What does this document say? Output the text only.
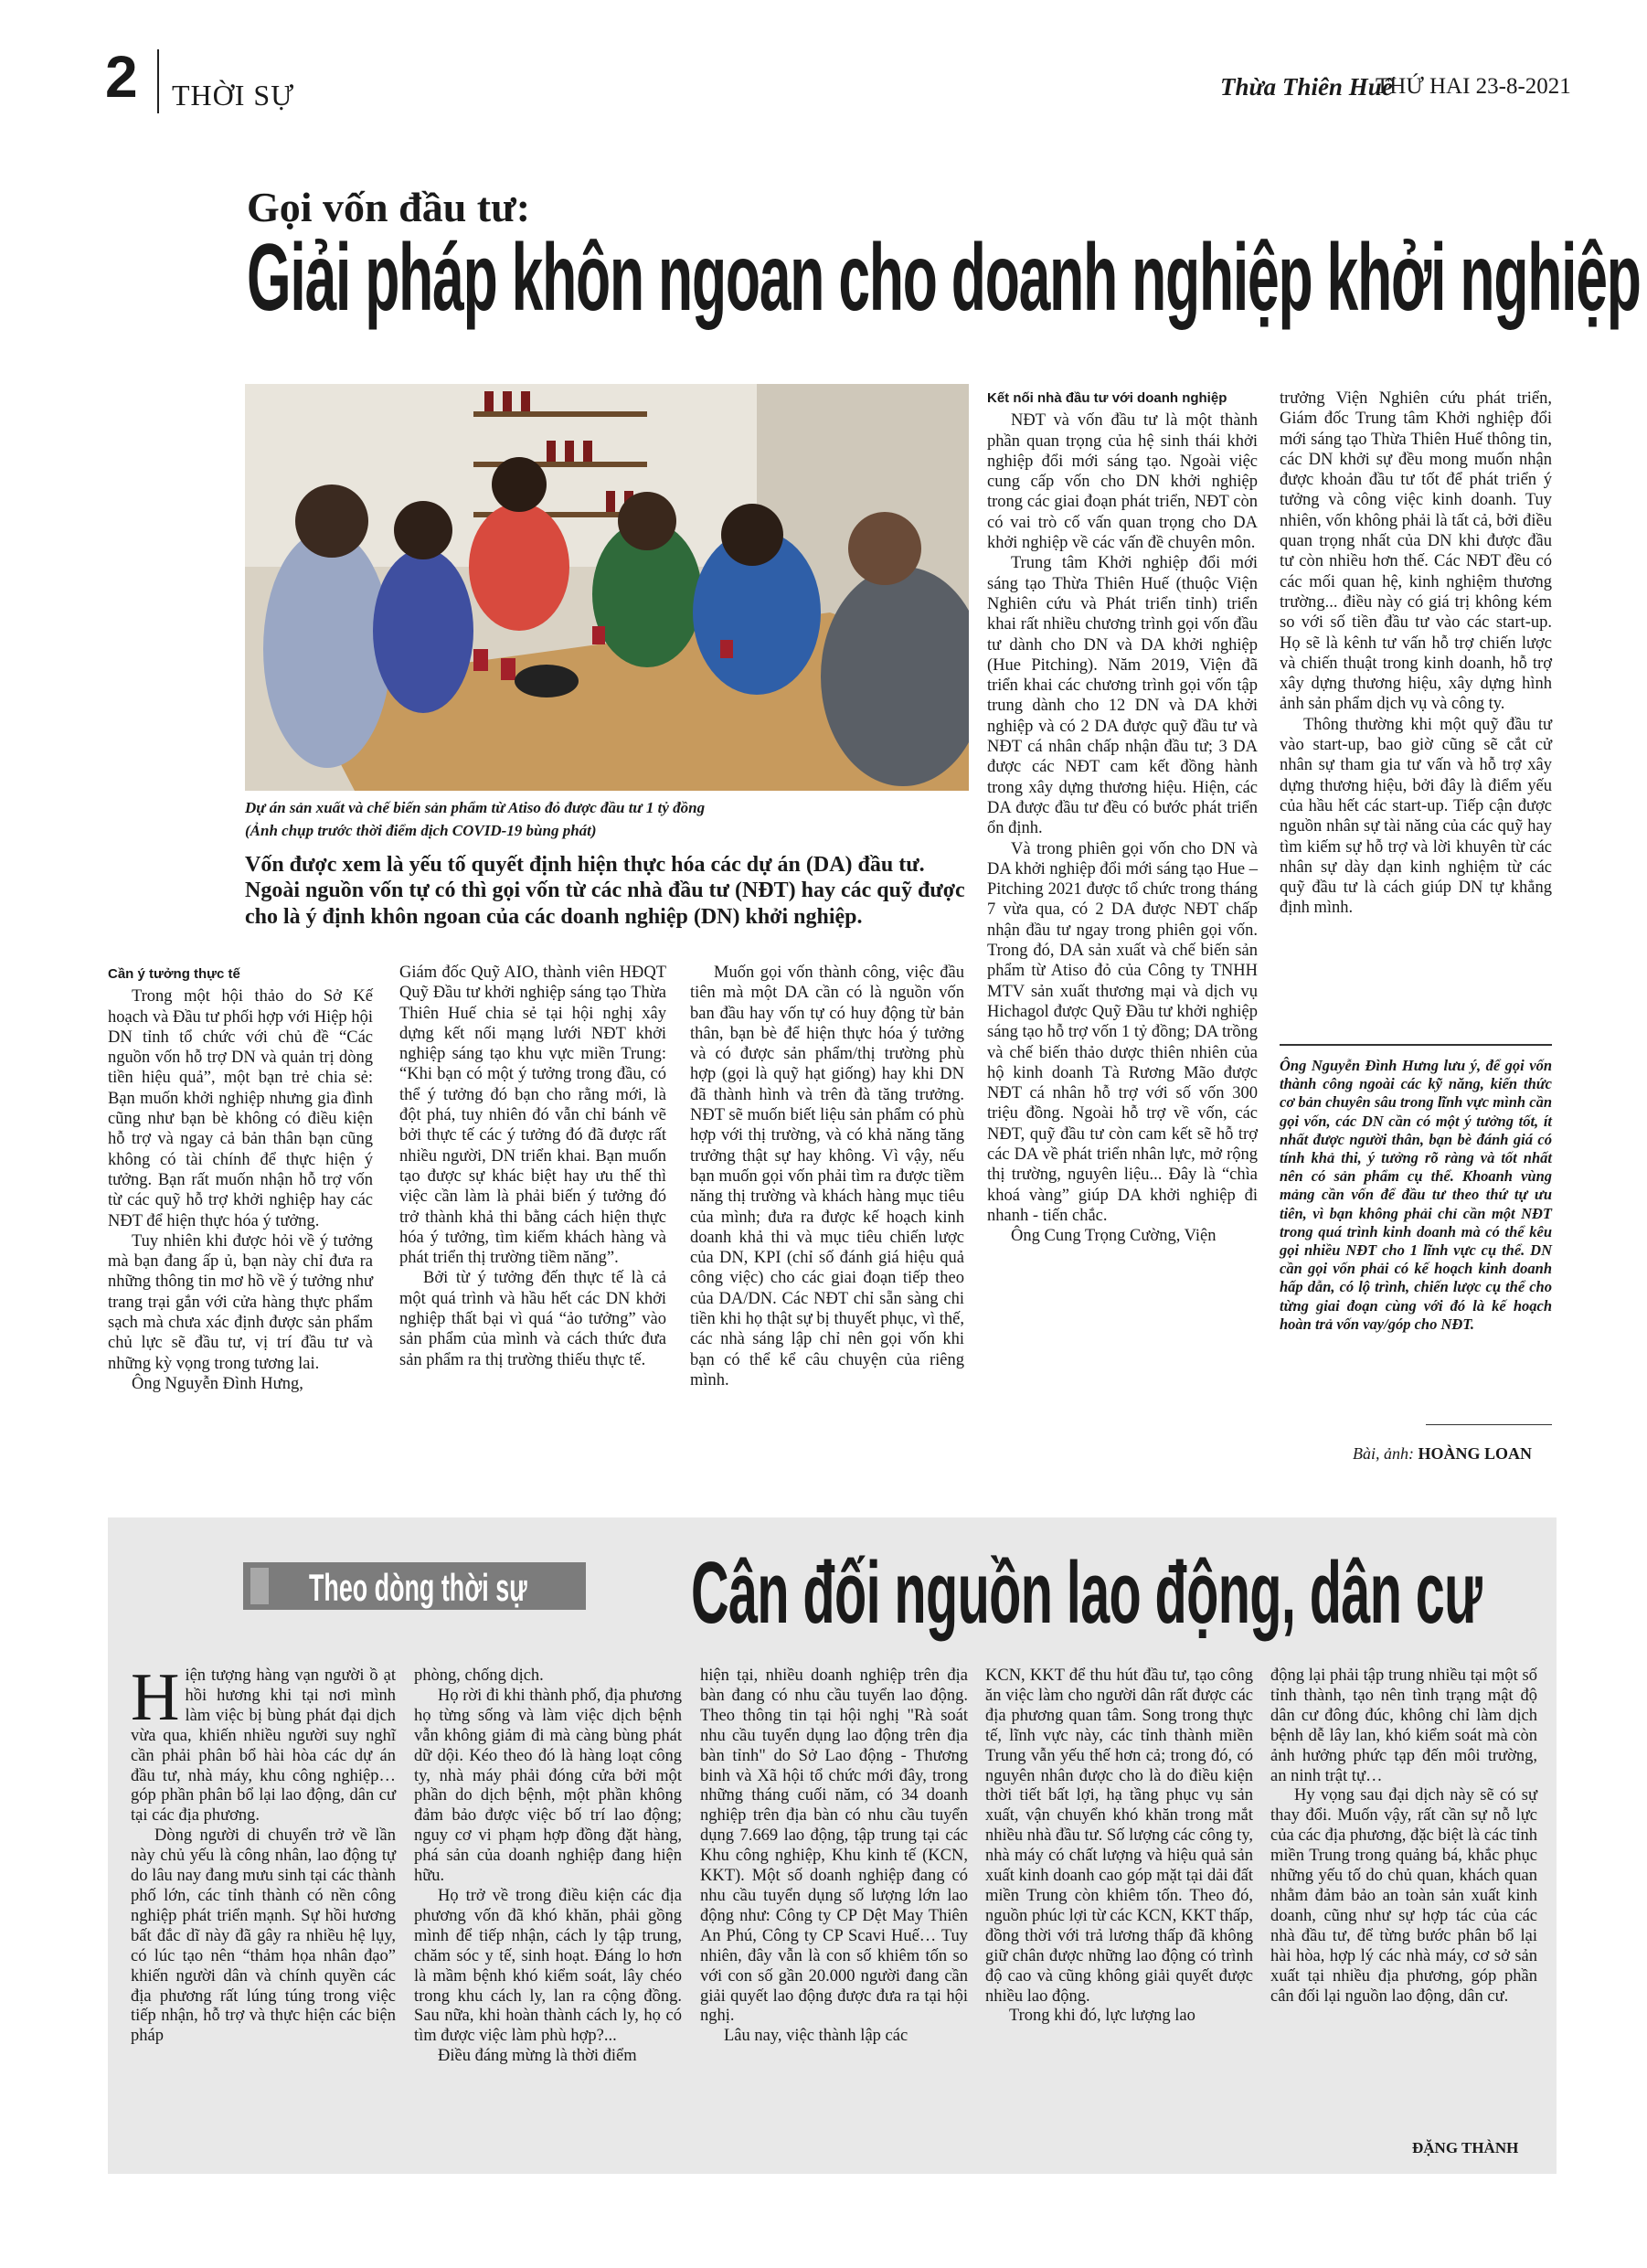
2 THỜI SỰ	Thừa Thiên Huế
THỨ HAI 23-8-2021
Gọi vốn đầu tư:
Giải pháp khôn ngoan cho doanh nghiệp khởi nghiệp
Dự án sản xuất và chế biến sản phẩm từ Atiso đỏ được đầu tư 1 tỷ đồng
(Ảnh chụp trước thời điểm dịch COVID-19 bùng phát)
Vốn được xem là yếu tố quyết định hiện thực hóa các dự án (DA) đầu tư. Ngoài nguồn vốn tự có thì gọi vốn từ các nhà đầu tư (NĐT) hay các quỹ được cho là ý định khôn ngoan của các doanh nghiệp (DN) khởi nghiệp.

Cần ý tưởng thực tế

Trong một hội thảo do Sở Kế hoạch và Đầu tư phối hợp với Hiệp hội DN tỉnh tổ chức với chủ đề “Các nguồn vốn hỗ trợ DN và quản trị dòng tiền hiệu quả”, một bạn trẻ chia sẻ: Bạn muốn khởi nghiệp nhưng gia đình cũng như bạn bè không có điều kiện hỗ trợ và ngay cả bản thân bạn cũng không có tài chính để thực hiện ý tưởng. Bạn rất muốn nhận hỗ trợ vốn từ các quỹ hỗ trợ khởi nghiệp hay các NĐT để hiện thực hóa ý tưởng.

Tuy nhiên khi được hỏi về ý tưởng mà bạn đang ấp ủ, bạn này chỉ đưa ra những thông tin mơ hồ về ý tưởng như trang trại gắn với cửa hàng thực phẩm sạch mà chưa xác định được sản phẩm chủ lực sẽ đầu tư, vị trí đầu tư và những kỳ vọng trong tương lai.

Ông Nguyễn Đình Hưng,

Giám đốc Quỹ AIO, thành viên HĐQT Quỹ Đầu tư khởi nghiệp sáng tạo Thừa Thiên Huế chia sẻ tại hội nghị xây dựng kết nối mạng lưới NĐT khởi nghiệp sáng tạo khu vực miền Trung: “Khi bạn có một ý tưởng trong đầu, có thể ý tưởng đó bạn cho rằng mới, là đột phá, tuy nhiên đó vẫn chỉ bánh vẽ bởi thực tế các ý tưởng đó đã được rất nhiều người, DN triển khai. Bạn muốn tạo được sự khác biệt hay ưu thế thì việc cần làm là phải biến ý tưởng đó trở thành khả thi bằng cách hiện thực hóa ý tưởng, tìm kiếm khách hàng và phát triển thị trường tiềm năng”.

Bởi từ ý tưởng đến thực tế là cả một quá trình và hầu hết các DN khởi nghiệp thất bại vì quá “ảo tưởng” vào sản phẩm của mình và cách thức đưa sản phẩm ra thị trường thiếu thực tế.

Muốn gọi vốn thành công, việc đầu tiên mà một DA cần có là nguồn vốn ban đầu hay vốn tự có huy động từ bản thân, bạn bè để hiện thực hóa ý tưởng và có được sản phẩm/thị trường phù hợp (gọi là quỹ hạt giống) hay khi DN đã thành hình và trên đà tăng trưởng. NĐT sẽ muốn biết liệu sản phẩm có phù hợp với thị trường, và có khả năng tăng trưởng thật sự hay không. Vì vậy, nếu bạn muốn gọi vốn phải tìm ra được tiềm năng thị trường và khách hàng mục tiêu của mình; đưa ra được kế hoạch kinh doanh khả thi và mục tiêu chiến lược của DN, KPI (chỉ số đánh giá hiệu quả công việc) cho các giai đoạn tiếp theo của DA/DN. Các NĐT chỉ sẵn sàng chi tiền khi họ thật sự bị thuyết phục, vì thế, các nhà sáng lập chỉ nên gọi vốn khi bạn có thể kể câu chuyện của riêng mình.

Kết nối nhà đầu tư với doanh nghiệp

NĐT và vốn đầu tư là một thành phần quan trọng của hệ sinh thái khởi nghiệp đổi mới sáng tạo. Ngoài việc cung cấp vốn cho DN khởi nghiệp trong các giai đoạn phát triển, NĐT còn có vai trò cố vấn quan trọng cho DA khởi nghiệp về các vấn đề chuyên môn.

Trung tâm Khởi nghiệp đổi mới sáng tạo Thừa Thiên Huế (thuộc Viện Nghiên cứu và Phát triển tỉnh) triển khai rất nhiều chương trình gọi vốn đầu tư dành cho DN và DA khởi nghiệp (Hue Pitching). Năm 2019, Viện đã triển khai các chương trình gọi vốn tập trung dành cho 12 DN và DA khởi nghiệp và có 2 DA được quỹ đầu tư và NĐT cá nhân chấp nhận đầu tư; 3 DA được các NĐT cam kết đồng hành trong xây dựng thương hiệu. Hiện, các DA được đầu tư đều có bước phát triển ổn định.

Và trong phiên gọi vốn cho DN và DA khởi nghiệp đổi mới sáng tạo Hue – Pitching 2021 được tổ chức trong tháng 7 vừa qua, có 2 DA được NĐT chấp nhận đầu tư ngay trong phiên gọi vốn. Trong đó, DA sản xuất và chế biến sản phẩm từ Atiso đỏ của Công ty TNHH MTV sản xuất thương mại và dịch vụ Hichagol được Quỹ Đầu tư khởi nghiệp sáng tạo hỗ trợ vốn 1 tỷ đồng; DA trồng và chế biến thảo dược thiên nhiên của hộ kinh doanh Tà Rương Mão được NĐT cá nhân hỗ trợ với số vốn 300 triệu đồng. Ngoài hỗ trợ về vốn, các NĐT, quỹ đầu tư còn cam kết sẽ hỗ trợ các DA về phát triển nhân lực, mở rộng thị trường, nguyên liệu... Đây là “chìa khoá vàng” giúp DA khởi nghiệp đi nhanh - tiến chắc.

Ông Cung Trọng Cường, Viện

trưởng Viện Nghiên cứu phát triển, Giám đốc Trung tâm Khởi nghiệp đổi mới sáng tạo Thừa Thiên Huế thông tin, các DN khởi sự đều mong muốn nhận được khoản đầu tư tốt để phát triển ý tưởng và công việc kinh doanh. Tuy nhiên, vốn không phải là tất cả, bởi điều quan trọng nhất của DN khi được đầu tư còn nhiều hơn thế. Các NĐT đều có các mối quan hệ, kinh nghiệm thương trường... điều này có giá trị không kém so với số tiền đầu tư vào các start-up. Họ sẽ là kênh tư vấn hỗ trợ chiến lược và chiến thuật trong kinh doanh, hỗ trợ xây dựng thương hiệu, xây dựng hình ảnh sản phẩm dịch vụ và công ty.

Thông thường khi một quỹ đầu tư vào start-up, bao giờ cũng sẽ cắt cử nhân sự tham gia tư vấn và hỗ trợ xây dựng thương hiệu, bởi đây là điểm yếu của hầu hết các start-up. Tiếp cận được nguồn nhân sự tài năng của các quỹ hay tìm kiếm sự hỗ trợ và lời khuyên từ các nhân sự dày dạn kinh nghiệm từ các quỹ đầu tư là cách giúp DN tự khẳng định mình.

Ông Nguyễn Đình Hưng lưu ý, để gọi vốn thành công ngoài các kỹ năng, kiến thức cơ bản chuyên sâu trong lĩnh vực mình cần gọi vốn, các DN cần có một ý tưởng tốt, ít nhất được người thân, bạn bè đánh giá có tính khả thi, ý tưởng rõ ràng và tốt nhất nên có sản phẩm cụ thể. Khoanh vùng mảng cần vốn để đầu tư theo thứ tự ưu tiên, vì bạn không phải chỉ cần một NĐT trong quá trình kinh doanh mà có thể kêu gọi nhiều NĐT cho 1 lĩnh vực cụ thể. DN cần gọi vốn phải có kế hoạch kinh doanh hấp dẫn, có lộ trình, chiến lược cụ thể cho từng giai đoạn cùng với đó là kế hoạch hoàn trả vốn vay/góp cho NĐT.
Bài, ảnh: HOÀNG LOAN
Theo dòng thời sự Cân đối nguồn lao động, dân cư

Hiện tượng hàng vạn người ồ ạt hồi hương khi tại nơi mình làm việc bị bùng phát đại dịch vừa qua, khiến nhiều người suy nghĩ cần phải phân bổ hài hòa các dự án đầu tư, nhà máy, khu công nghiệp… góp phần phân bổ lại lao động, dân cư tại các địa phương.

Dòng người di chuyển trở về lần này chủ yếu là công nhân, lao động tự do lâu nay đang mưu sinh tại các thành phố lớn, các tỉnh thành có nền công nghiệp phát triển mạnh. Sự hồi hương bất đắc dĩ này đã gây ra nhiều hệ lụy, có lúc tạo nên “thảm họa nhân đạo” khiến người dân và chính quyền các địa phương rất lúng túng trong việc tiếp nhận, hỗ trợ và thực hiện các biện pháp

phòng, chống dịch.

Họ rời đi khi thành phố, địa phương họ từng sống và làm việc dịch bệnh vẫn không giảm đi mà càng bùng phát dữ dội. Kéo theo đó là hàng loạt công ty, nhà máy phải đóng cửa bởi một phần do dịch bệnh, một phần không đảm bảo được việc bố trí lao động; nguy cơ vi phạm hợp đồng đặt hàng, phá sản của doanh nghiệp đang hiện hữu.

Họ trở về trong điều kiện các địa phương vốn đã khó khăn, phải gồng mình để tiếp nhận, cách ly tập trung, chăm sóc y tế, sinh hoạt. Đáng lo hơn là mầm bệnh khó kiểm soát, lây chéo trong khu cách ly, lan ra cộng đồng. Sau nữa, khi hoàn thành cách ly, họ có tìm được việc làm phù hợp?...

Điều đáng mừng là thời điểm

hiện tại, nhiều doanh nghiệp trên địa bàn đang có nhu cầu tuyển lao động. Theo thông tin tại hội nghị "Rà soát nhu cầu tuyển dụng lao động trên địa bàn tỉnh" do Sở Lao động - Thương binh và Xã hội tổ chức mới đây, trong những tháng cuối năm, có 34 doanh nghiệp trên địa bàn có nhu cầu tuyển dụng 7.669 lao động, tập trung tại các Khu công nghiệp, Khu kinh tế (KCN, KKT). Một số doanh nghiệp đang có nhu cầu tuyển dụng số lượng lớn lao động như: Công ty CP Dệt May Thiên An Phú, Công ty CP Scavi Huế… Tuy nhiên, đây vẫn là con số khiêm tốn so với con số gần 20.000 người đang cần giải quyết lao động được đưa ra tại hội nghị.

Lâu nay, việc thành lập các

KCN, KKT để thu hút đầu tư, tạo công ăn việc làm cho người dân rất được các địa phương quan tâm. Song trong thực tế, lĩnh vực này, các tỉnh thành miền Trung vẫn yếu thế hơn cả; trong đó, có nguyên nhân được cho là do điều kiện thời tiết bất lợi, hạ tầng phục vụ sản xuất, vận chuyển khó khăn trong mắt nhiều nhà đầu tư. Số lượng các công ty, nhà máy có chất lượng và hiệu quả sản xuất kinh doanh cao góp mặt tại dải đất miền Trung còn khiêm tốn. Theo đó, nguồn phúc lợi từ các KCN, KKT thấp, đồng thời với trả lương thấp đã không giữ chân được những lao động có trình độ cao và cũng không giải quyết được nhiều lao động.

Trong khi đó, lực lượng lao

động lại phải tập trung nhiều tại một số tỉnh thành, tạo nên tình trạng mật độ dân cư đông đúc, không chỉ làm dịch bệnh dễ lây lan, khó kiểm soát mà còn ảnh hưởng phức tạp đến môi trường, an ninh trật tự…

Hy vọng sau đại dịch này sẽ có sự thay đổi. Muốn vậy, rất cần sự nỗ lực của các địa phương, đặc biệt là các tỉnh miền Trung trong quảng bá, khắc phục những yếu tố do chủ quan, khách quan nhằm đảm bảo an toàn sản xuất kinh doanh, cũng như sự hợp tác của các nhà đầu tư, để từng bước phân bổ lại hài hòa, hợp lý các nhà máy, cơ sở sản xuất tại nhiều địa phương, góp phần cân đối lại nguồn lao động, dân cư.

ĐẶNG THÀNH
